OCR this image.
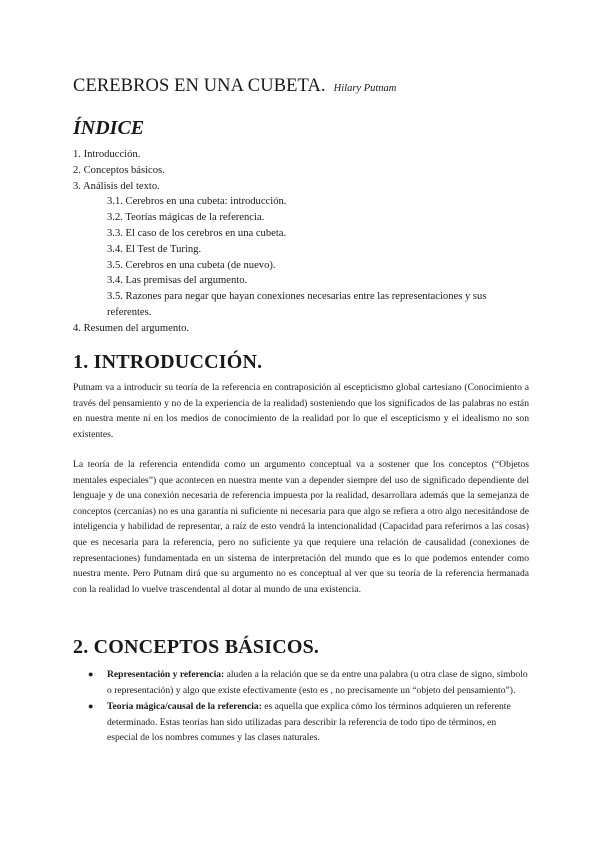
CEREBROS EN UNA CUBETA. Hilary Putnam
ÍNDICE
1. Introducción.
2. Conceptos básicos.
3. Análisis del texto.
3.1. Cerebros en una cubeta: introducción.
3.2. Teorías mágicas de la referencia.
3.3. El caso de los cerebros en una cubeta.
3.4. El Test de Turing.
3.5. Cerebros en una cubeta (de nuevo).
3.4. Las premisas del argumento.
3.5. Razones para negar que hayan conexiones necesarias entre las representaciones y sus referentes.
4. Resumen del argumento.
1. INTRODUCCIÓN.

Putnam va a introducir su teoría de la referencia en contraposición al escepticismo global cartesiano (Conocimiento a través del pensamiento y no de la experiencia de la realidad) sosteniendo que los significados de las palabras no están en nuestra mente ni en los medios de conocimiento de la realidad por lo que el escepticismo y el idealismo no son existentes.

La teoría de la referencia entendida como un argumento conceptual va a sostener que los conceptos (“Objetos mentales especiales”) que acontecen en nuestra mente van a depender siempre del uso de significado dependiente del lenguaje y de una conexión necesaria de referencia impuesta por la realidad, desarrollara además que la semejanza de conceptos (cercanías) no es una garantía ni suficiente ni necesaria para que algo se refiera a otro algo necesitándose de inteligencia y habilidad de representar, a raíz de esto vendrá la intencionalidad (Capacidad para referirnos a las cosas) que es necesaria para la referencia, pero no suficiente ya que requiere una relación de causalidad (conexiones de representaciones) fundamentada en un sistema de interpretación del mundo que es lo que podemos entender como nuestra mente. Pero Putnam dirá que su argumento no es conceptual al ver que su teoría de la referencia hermanada con la realidad lo vuelve trascendental al dotar al mundo de una existencia.

2. CONCEPTOS BÁSICOS.
● Representación y referencia: aluden a la relación que se da entre una palabra (u otra clase de signo, símbolo o representación) y algo que existe efectivamente (esto es , no precisamente un “objeto del pensamiento”).
● Teoría mágica/causal de la referencia: es aquella que explica cómo los términos adquieren un referente determinado. Estas teorías han sido utilizadas para describir la referencia de todo tipo de términos, en especial de los nombres comunes y las clases naturales.
